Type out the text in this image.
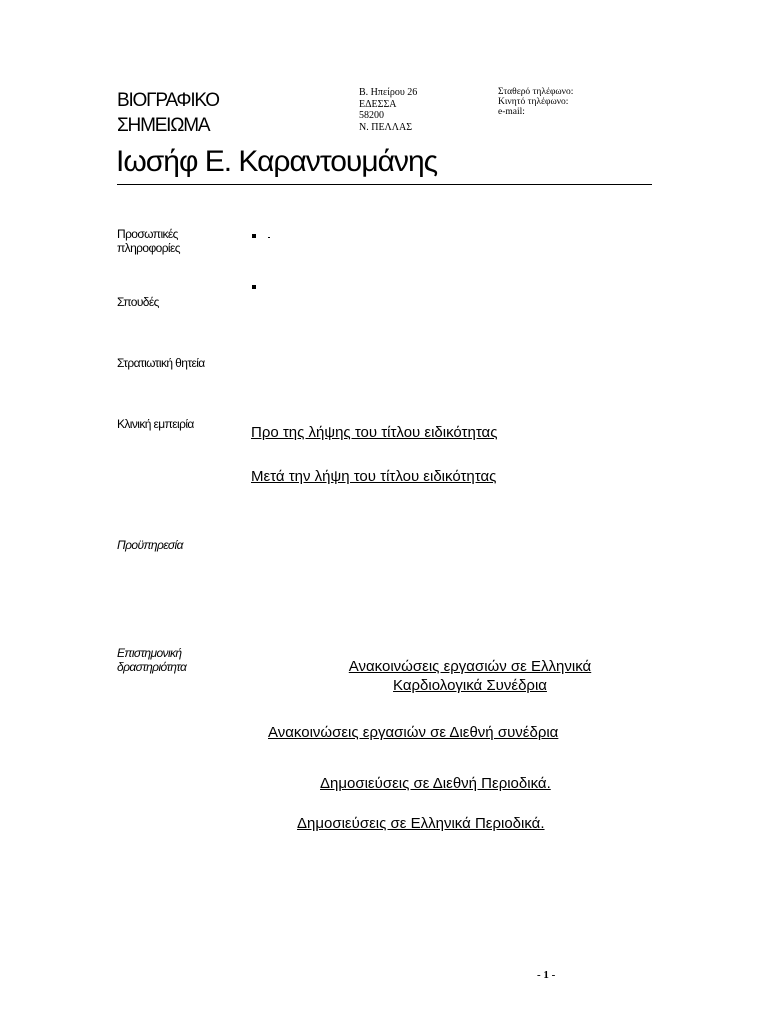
ΒΙΟΓΡΑΦΙΚΟ
ΣΗΜΕΙΩΜΑ
Β. Ηπείρου 26
ΕΔΕΣΣΑ
58200
Ν. ΠΕΛΛΑΣ
Σταθερό τηλέφωνο:
Κινητό τηλέφωνο:
e-mail:
Ιωσήφ Ε. Καραντουμάνης
Προσωπικές
πληροφορίες
Σπουδές
Στρατιωτική θητεία
Κλινική εμπειρία	Προ της λήψης του τίτλου ειδικότητας
Μετά την λήψη του τίτλου ειδικότητας
Προϋπηρεσία
Επιστημονική
δραστηριότητα	Ανακοινώσεις εργασιών σε Ελληνικά
Καρδιολογικά Συνέδρια
Ανακοινώσεις εργασιών σε Διεθνή συνέδρια
Δημοσιεύσεις σε Διεθνή Περιοδικά.
Δημοσιεύσεις σε Ελληνικά Περιοδικά.
- 1 -
